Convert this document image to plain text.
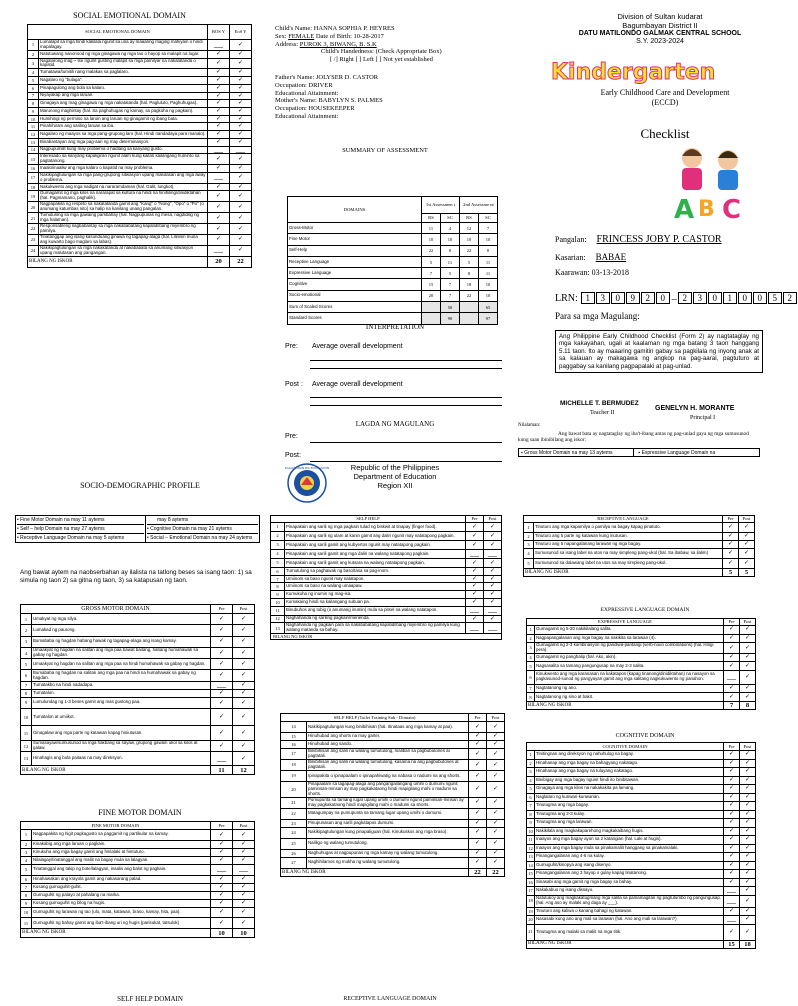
SOCIAL EMOTIONAL DOMAIN
SOCIAL EMOTIONAL DOMAIN		BOS Y	EoS Y
1	Lumalapit sa mga hindi kakilala ngunit sa una ay maaaring maging mahiyain o hindi mapalagay.	___	✓
2	Natutuwang nanonood ng mga ginagawa ng mga tao o hayop sa malapit na lugar.	✓	✓
3	Nagalarong mag ~ tse ngunit gusting malapit sa mga pamilyar na nakatatanda o kapatid.	✓	✓
4	Tumatawa/tumitili nang malakas sa paglalaro.	✓	✓
5	Nagalaro ng "bulaga".	✓	✓
6	Pinapagulong ang bola sa kalaro.	✓	✓
7	Niyayakap ang mga laruan.	✓	✓
8	Ginagaya ang mag ginagawa ng mga nakatatanda (hal. Pagluluto, Paghuhugas).	✓	✓
9	Marunong maghintay (hal. Sa paghuhugas ng kamay, sa pagkuha ng pagkain).	✓	✓
10	Humihingi ng permiso na laruin ang laruan ng ginagamit ng ibang bata.	✓	✓
11	Pinahihiram ang sariling laruan sa iba.	✓	✓
12	Nagalaro ng maayos sa mga pang-grupong laro (hal. Hindi nandadaya para manalo).	✓	✓
13	Binabantayan ang mga pag-aari ng may determinasyon.	✓	✓
14	Nagpupumilit kung may problema o hadlang sa kanyang gusto.	___	___
15	Interesado sa kanyang kapaligiran ngunit alam kung kailan kailangang huminto sa pagtatanong.	✓	✓
16	Inaalo/inaaliw ang mga kalaro o kapatid na may problema.	✓	✓
17	Nakikipagtulungan sa mga pang-grupong sitwasyon upang malutasan ang mga away o problema.	___	✓
18	Nakukwento ang mga nadigat na nararamdaman (hal. Galit, lungkot).	✓	✓
19	Gumagamit ng mga kilos na nararapat sa kultura na hindi na hinihiling/dinidiktahan (hal. Pagmamano, paghalik).	✓	✓
20	Nagpapakita ng respeto sa nakatatanda gamit ang "Kang" o "Nong", "Opo" o "Po" (o anumang katumbas nito) sa halip na kanilang unang pangalan.	✓	✓
21	Tumutulong sa mga gawaing pambahay (hal. Nagpupunas ng mesa, nagdidilig ng mga halaman).	✓	✓
22	Responsableng nagbabantay sa mga nakababatang kapatid/ibang miyembro ng pamilya.	✓	✓
23	Tinatanggap ang isang kasunduang ginawa ng tagapag-alaga (hal. Lilinisin muna ang kuwarto bago maglaro sa labas).	✓	✓
24	Nakikipagtulungan sa mga nakakatanda at nakababata sa anumang sitwasyon upang malutasan ang pangangan.	___	✓
BILANG NG ISKOR		20	22
Child's Name: HANNA SOPHIA P. HEYRES
Sex: FEMALE Date of Birth: 10-28-2017
Address: PUROK 3, BIWANG, B. S.K
Child's Handedness: (Check Appropriate Box)
[ /] Right [ ] Left [ ] Not yet established
Father's Name: JOLYSER D. CASTOR
Occupation: DRIVER
Educational Attainment:
Mother's Name: BABYLYN S. PALMES
Occupation: HOUSEKEEPER
Educational Attainment:
SUMMARY OF ASSESSMENT
DOMAINS	1st Assessmen t		2nd Assessme nt	
	RS	SC	RS	SC
Gross-Motor	11	4	12	7
Fine Motor	10	10	10	10
Self-Help	22	8	22	8
Receptive Language	5	11	5	11
Expressive Language	7	5	8	11
Cognitive	15	7	18	10
Socio-emotional	20	7	22	10
Sum of Scaled Scores		50		65
Standard Scores		90		97
INTERPRETATION
Pre: Average overall development
Post :	Average overall development
LAGDA NG MAGULANG
Pre:
Post:
KAGAWARAN NG EDUKASYON	Republic of the Philippines
Department of Education
Region XII
Division of Sultan kudarat
Bagumbayan District II
DATU MATILONDO GALMAK CENTRAL SCHOOL
S.Y. 2023-2024
Kindergarten
Early Childhood Care and Development (ECCD)
Checklist
A B C
Pangalan: FRINCESS JOBY P. CASTOR
Kasarian: BABAE
Kaarawan: 03-13-2018
LRN: 1 3 0 9 2 0 – 2 3 0 1 0 0 5 2
Para sa mga Magulang:
Ang Philippine Early Childhood Checklist (Form 2) ay nagtataglay ng mga kakayahan, ugali at kaalaman ng mga batang 3 taon hanggang 5.11 taon. Ito ay maaaring gamitin gabay sa pagkilala ng inyong anak at sa kalauan ay makagawa ng angkop na pag-aaral, pagtuturo at paggabay sa kanilang pagpapalaki at pag-unlad.
MICHELLE T. BERMUDEZ
Teacher II
GENELYN H. MORANTE
Principal I
Nilalaman:
Ang bawat bata ay nagtataglay ng iba't-ibang antas ng pag-unlad gaya ng mga sumusunod kung saan ibinibilang ang iskor:
▪ Gross Motor Domain na may 13 aytems	▪ Expressive Language Domain na
SOCIO-DEMOGRAPHIC PROFILE
• Fine Motor Domain na may 11 aytems
• Self – help Domain na may 27 aytems
• Receptive Language Domain na may 5 aytems

may 8 aytems
• Cognitive Domain na may 21 aytems
• Social – Emotional Domain na may 24 aytems
Ang bawat aytem na naobserbahan ay ilalista na tatlong beses sa isang taon: 1) sa simula ng taon 2) sa gitna ng taon, 3) sa katapusan ng taon.
GROSS MOTOR DOMAIN		Pre	Post
1	Umakyat ng mga silya.	✓	✓
2	Lumakad ng paurong.	✓	✓
3	Bumababa ng hagdan habang hawak ng tagapag-alaga ang isang kamay.	✓	✓
4	Umaakyat ng hagdan na salitan ang mga paa bawat baitang, habang humahawak sa gabay ng hagdan.	✓	✓
5	Umaakyat ng hagdan na salitan ang mga paa na hindi humahawak sa gabay ng hagdan.	✓	✓
6	Bumababa ng hagdan na salitan ang mga paa na hindi na humahawak sa gabay ng hagdan.	✓	✓
7	Tumatakbo na hindi nadadapa.	___	✓
8	Tumatalon.	✓	✓
9	Lumulundag ng 1-3 beses gamit ang mas gustong paa.	✓	✓
10	Tumatalon at umiikot.	✓	✓
11	Ginagalaw ang mga parte ng katawan kapag hiniutusan.	✓	✓
12	Sumasayaw/sumusunod sa mga hakbang sa sayaw, grupong gawain ukol sa kilos at galaw.	✓	✓
13	Hinahagis ang bola paitaas na may direksyon.	___	✓
BILANG NG ISKOR		11	12
FINE MOTOR DOMAIN
FINE MOTOR DOMAIN		Pre	Post
1	Nagpapakita ng higit pagkagusto sa paggamit ng partikular na kamay.	✓	✓
2	Kinakabig ang mga laruan o pagkain.	✓	✓
3	Kinukuha ang mga bagay gamit ang hinlalaki at hintuturo.	✓	✓
4	Nilalagay/tinatanggal ang maliit na bagay mula sa lalagyan.	✓	✓
5	Tinatanggal ang takip ng bote/lalagyan, inaalis ang balot ng pagkain.	___	___
6	Hinahawakan ang krayola gamit ang nakasarang palad.	✓	✓
7	Kusang gumuguhit-guhit.	✓	✓
8	Gumuguhit ng patayo at pahalang na marka.	✓	✓
9	Kusang gumuguhit ng bilog na hugis.	✓	✓
10	Gumuguhit ng larawan ng tao (ulo, mata, katawan, braso, kamay, hita, paa).	✓	✓
11	Gumuguhit ng bahay gamit ang iba't-ibang uri ng hugis (parisukat, tatsulok)	✓	✓
BILANG NG ISKOR		10	10
SELF HELP DOMAIN
SELF HELP		Pre	Post
1	Pinapakain ang sarili ng mga pagkain tulad ng biskwit at tinapay (finger food).	✓	✓
2	Pinapakain ang sarili ng ulam at kanin gamit ang daliri ngunit may natatapong pagkain.	✓	✓
3	Pinapakain ang sarili gamit ang kubyertos ngunit may natatapong pagkain.	✓	✓
4	Pinapakain ang sarili gamit ang mga daliri na walang natatapong pagkain.	___	___
5	Pinapakain ang sarili gamit ang kutsara na walang natatapong pagkain.	✓	✓
6	Tumutulong sa paghawak ng baso/tasa sa pag-inom.	✓	✓
7	Umiinom sa baso ngunit may natatapon.	✓	✓
8	Umiinom sa baso na walang umaapaw.	✓	✓
9	Kumukuha ng inumin ng mag-isa.	✓	✓
10	Kumakaing hindi na kailangang subuan pa.	✓	✓
11	Binubuhos ang tubig (o anumang inumin) mula sa pitsel na walang natatapon.	___	___
12	Naghahanda ng sariling pagkain/merienda.	✓	✓
13	Naghahanda ng pagkain para sa nakababatang kapatid/ibang miyembro ng pamilya kung walang matanda sa bahay.	___	___
BILANG NG ISKOR
SELF HELP (Toilet Training Sub - Domain)		Pre	Post
14	Nakikipagtulungan kung binibihisan (hal. Itinataas ang mga kamay at paa).	✓	✓
15	Hinuhubad ang shorts na may garter.	✓	✓
16	Hinuhubad ang sando.	✓	✓
17	Binibihisan ang sarili na walang tumutulong, maliban sa pagbubutones at pagtatali.	✓	✓
18	Binibihisan ang sarili na walang tumutulong, kasama na ang pagbubutones at pagtatali.	✓	✓
19	Ipinapakita o ipinapaalam o ipinapahiwatig na nabasa o nadumi na ang shorts.	✓	✓
20	Pinapaalam sa tagapag-alaga ang pangangailangang umihi o dumumi ngunit paminsan-minsan ay may pagkakataong hindi mapigilang mahi o madumi sa shorts.	✓	✓
21	Pumupunta sa tamang lugar upang umihi o dumumi ngunit paminsan-minsan ay may pagkakataong hindi mapigilang mahi o madumi sa shorts.	✓	✓
22	Matagumpay na pumupunta sa tamang lugar upang umihi o dumumi.	✓	✓
23	Pinupunasan ang sarili pagkatapos dumumi.	✓	✓
24	Nakikipagtulungan kung pinapaliguan (hal. Kinukuskos ang mga braso).	✓	✓
25	Naliligo ng walang tumutulong.	✓	✓
26	Naghuhugas at nagpupunas ng mga kamay ng walang tumutulong.	✓	✓
27	Naghihilamos ng mukha ng walang tumutulong.	✓	✓
BILANG NG ISKOR		22	22
RECEPTIVE LANGUAGE DOMAIN
RECEPTIVE LANGUAGE		Pre	Post
1	Tinuturo ang mga kapamilya o pamilya na bagay kapag pinatuto.	✓	✓
2	Tinuturo ang 5 parte ng katawan kung inutusan.	✓	✓
3	Tinuturo ang 5 napangalanang larawan ng mga bagay.	✓	✓
4	Sumusunod sa isang label na utos na may simpleng pang-ukol (hal. Sa ibabaw, sa ilalim)	✓	✓
5	Sumusunod sa dalawang label na utos na may simpleng pang-ukol.	✓	✓
BILANG NG ISKOR		5	5
EXPRESSIVE LANGUAGE DOMAIN
EXPRESSIVE LANGUAGE		Pre	Post
1	Gumagamit ng 5-20 nakikilalang salita.	✓	✓
2	Nagpapangalanan ang mga bagay na nakikita sa larawan (4).	✓	✓
3	Gumagamit ng 2-3 kombinasyon ng pandiwa-pantangi (verb-noun combinations) (hal. Hingi pera).	✓	✓
4	Gumagamit ng panghalip (hal. Ako, akin).	✓	✓
5	Nagsasalita sa tamang pangungusap na may 2-3 salita.	✓	✓
6	Kinukwento ang mga karanasan na kakatapos (kapag tinanong/dinidiktahan) na nasayon sa pagkasunod-sunod ng pangyayari gamit ang mga salitang nagkukuwento ng panahon.	___	✓
7	Nagtatanong ng ano.	✓	✓
8	Nagtatanong ng sino at bakit.	✓	✓
BILANG NG ISKOR		7	8
COGNITIVE DOMAIN
COGNITIVE DOMAIN		Pre	Post
1	Tinitingnan ang direksyon ng nahuhulog na bagay.	✓	✓
2	Hinahanap ang mga bagay na bahagyang nakatago.	✓	✓
3	Hinahanap ang mga bagay na tuluyang nakatago.	✓	✓
4	Binibigay ang mga bagay ngunit hindi ito binibitawan.	✓	✓
5	Ginagaya ang mga kilos na nakakakita pa lamang.	✓	✓
6	Naglalaro ng kunwari-kunwarian.	✓	✓
7	Tinutugma ang mga bagay.	✓	✓
8	Tinutugma ang 2-3 kulay.	✓	✓
9	Tinutugma ang mga larawan.	✓	✓
10	Nakikilala ang magkakaparehong magkakaibang hugis.	✓	✓
11	Inaayos ang mga bagay ayon sa 2 katangian (hal. Laki at hugis).	✓	✓
12	Inaayos ang mga bagay mula sa pinakamaliit hanggang sa pinakamalaki.	✓	✓
13	Pinangangalanan ang 4-6 na kulay.	✓	✓
14	Gumuguhit/kinopya ang isang disenyo.	✓	✓
15	Pinangangalanan ang 3 hayop o gulay kapag tinatanong.	✓	✓
16	Sinasabi ang mga gamit ng mga bagay sa bahay.	✓	✓
17	Nakakabuo ng isang dissayo.	___	✓
18	Natutukoy ang magkakatugmang mga salita sa pamamagitan ng pagtutumbo ng pangungusap. (hal. Ang aso ay malaki ang daga ay ___).	___	✓
19	Tinuturo ang kaliwa o kanang bahagi ng katawan.	✓	✓
20	Nasasabi kung ano ang mali sa larawan (hal. Ano ang mali sa larawan?)	___	✓
21	Tinutugma ang malaki sa maliit na mga titik.	✓	✓
BILANG NG ISKOR		15	18
